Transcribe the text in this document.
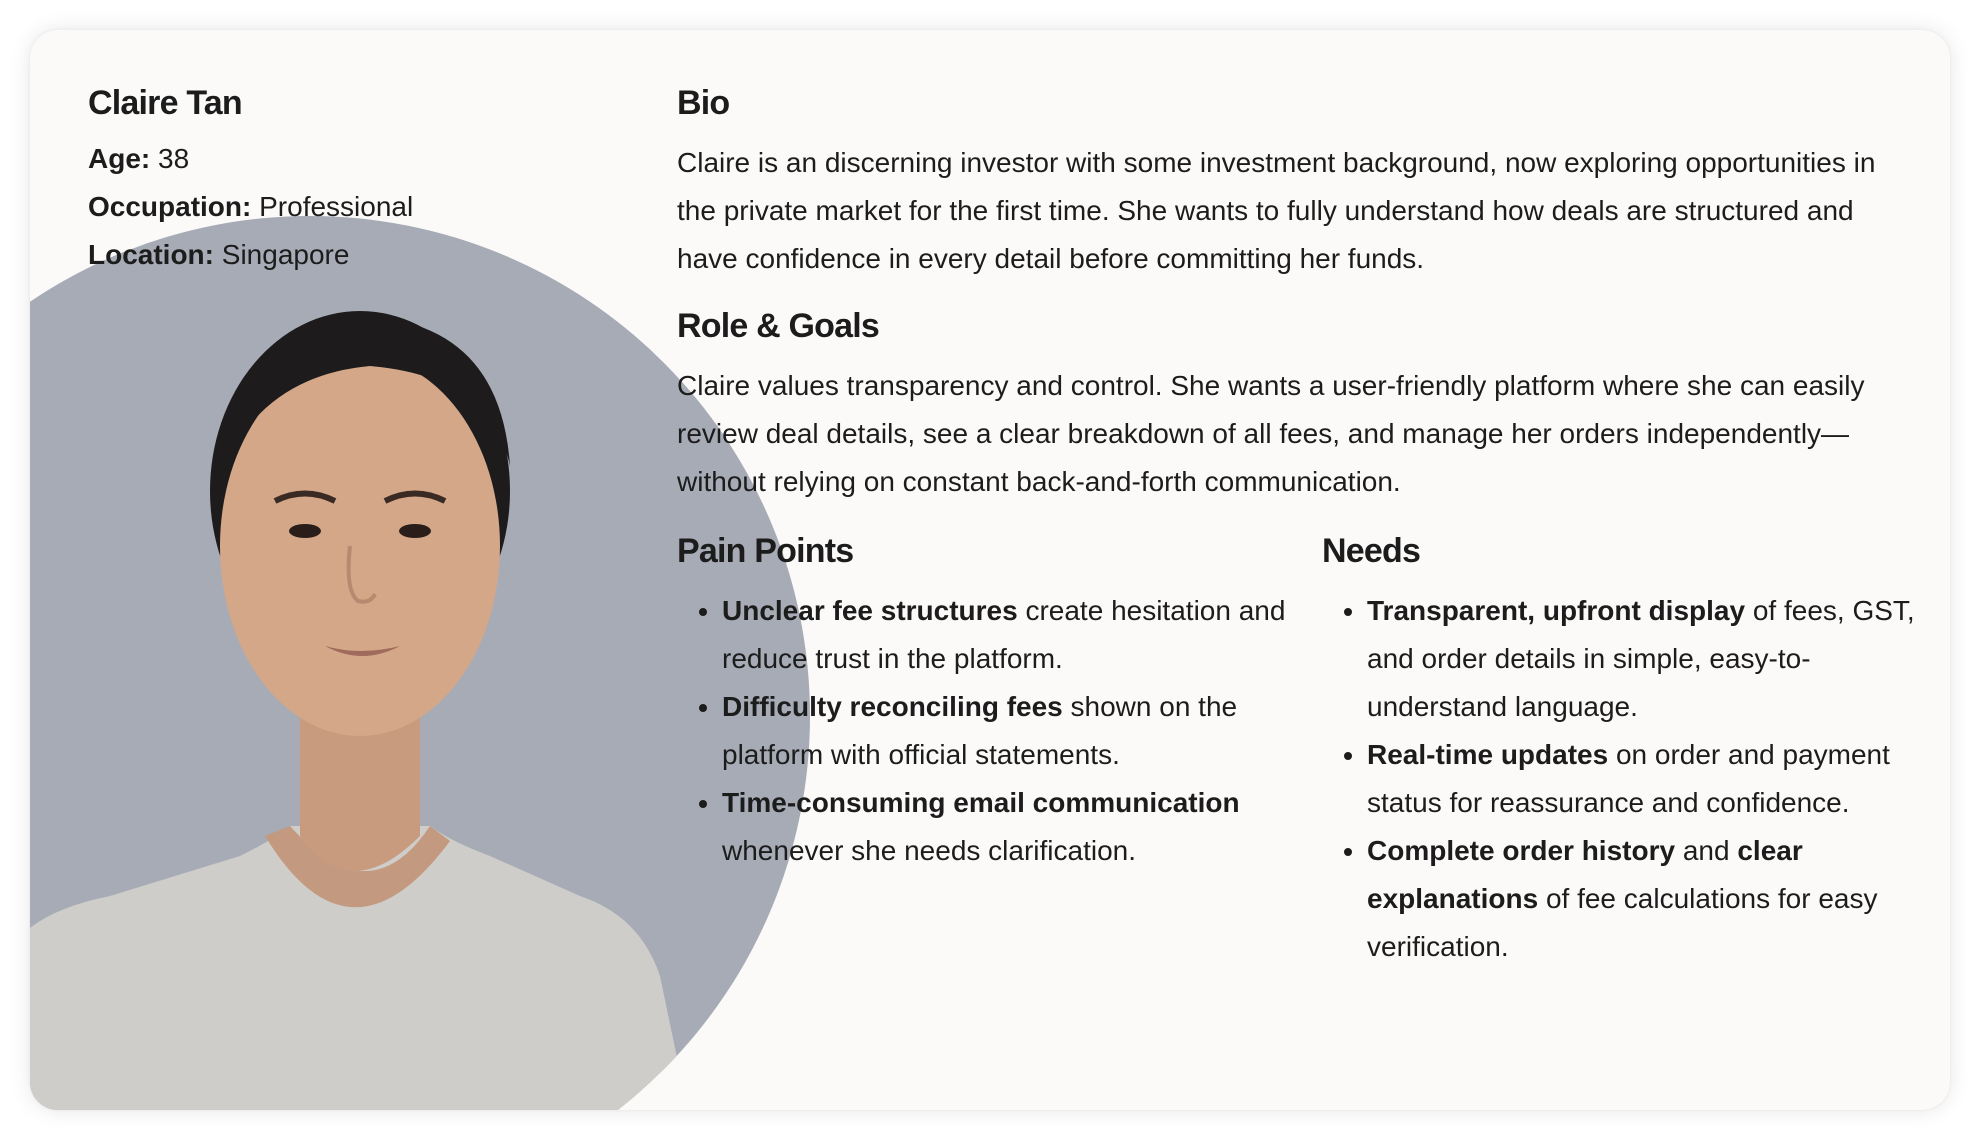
Claire Tan
Age: 38
Occupation: Professional
Location: Singapore
Bio

Claire is an discerning investor with some investment background, now exploring opportunities in the private market for the first time. She wants to fully understand how deals are structured and have confidence in every detail before committing her funds.

Role & Goals

Claire values transparency and control. She wants a user-friendly platform where she can easily review deal details, see a clear breakdown of all fees, and manage her orders independently—without relying on constant back-and-forth communication.

Pain Points
• Unclear fee structures create hesitation and reduce trust in the platform.
• Difficulty reconciling fees shown on the platform with official statements.
• Time-consuming email communication whenever she needs clarification.
Needs
• Transparent, upfront display of fees, GST, and order details in simple, easy-to-understand language.
• Real-time updates on order and payment status for reassurance and confidence.
• Complete order history and clear explanations of fee calculations for easy verification.
